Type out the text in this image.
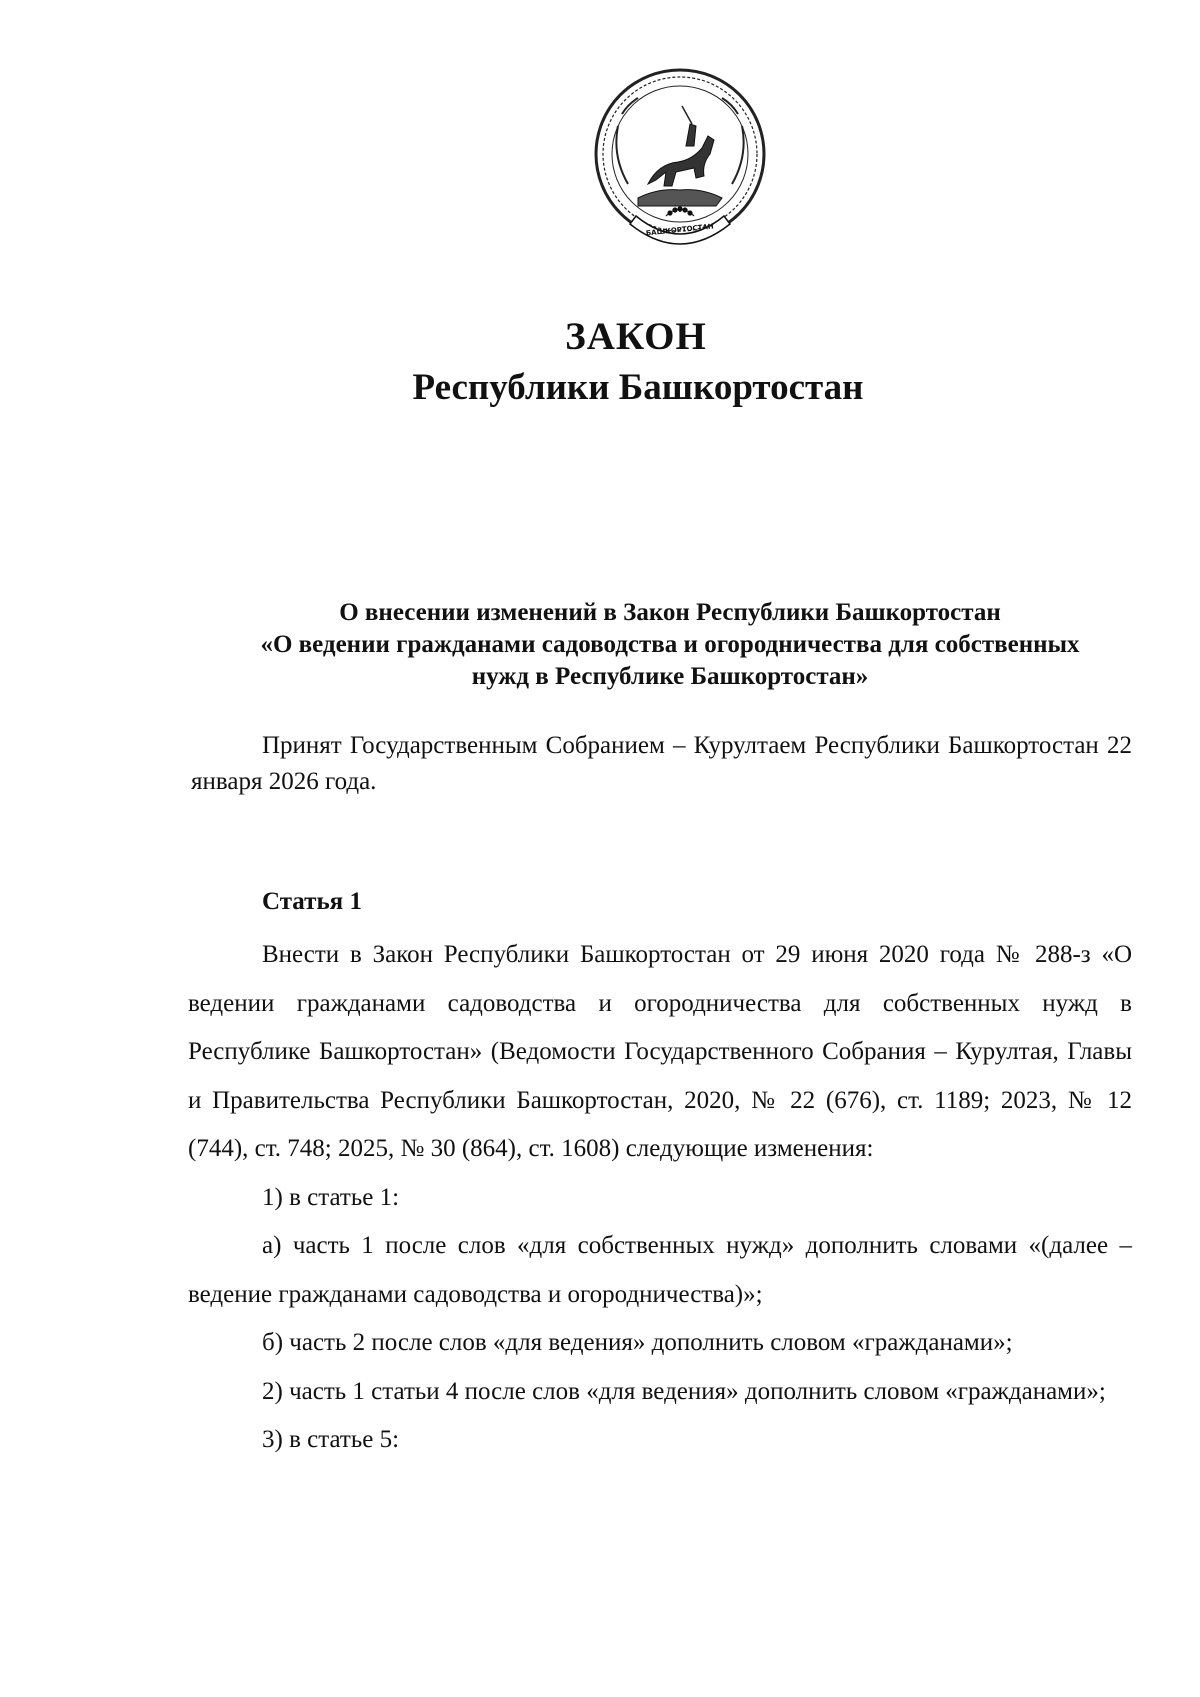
БАШКОРТОСТАН
ЗАКОН
Республики Башкортостан
О внесении изменений в Закон Республики Башкортостан
«О ведении гражданами садоводства и огородничества для собственных
нужд в Республике Башкортостан»
Принят Государственным Собранием – Курултаем Республики Башкортостан 22 января 2026 года.
Статья 1

Внести в Закон Республики Башкортостан от 29 июня 2020 года № 288-з «О ведении гражданами садоводства и огородничества для собственных нужд в Республике Башкортостан» (Ведомости Государственного Собрания – Курултая, Главы и Правительства Республики Башкортостан, 2020, № 22 (676), ст. 1189; 2023, № 12 (744), ст. 748; 2025, № 30 (864), ст. 1608) следующие изменения:

1) в статье 1:

а) часть 1 после слов «для собственных нужд» дополнить словами «(далее – ведение гражданами садоводства и огородничества)»;

б) часть 2 после слов «для ведения» дополнить словом «гражданами»;

2) часть 1 статьи 4 после слов «для ведения» дополнить словом «гражданами»;

3) в статье 5:
